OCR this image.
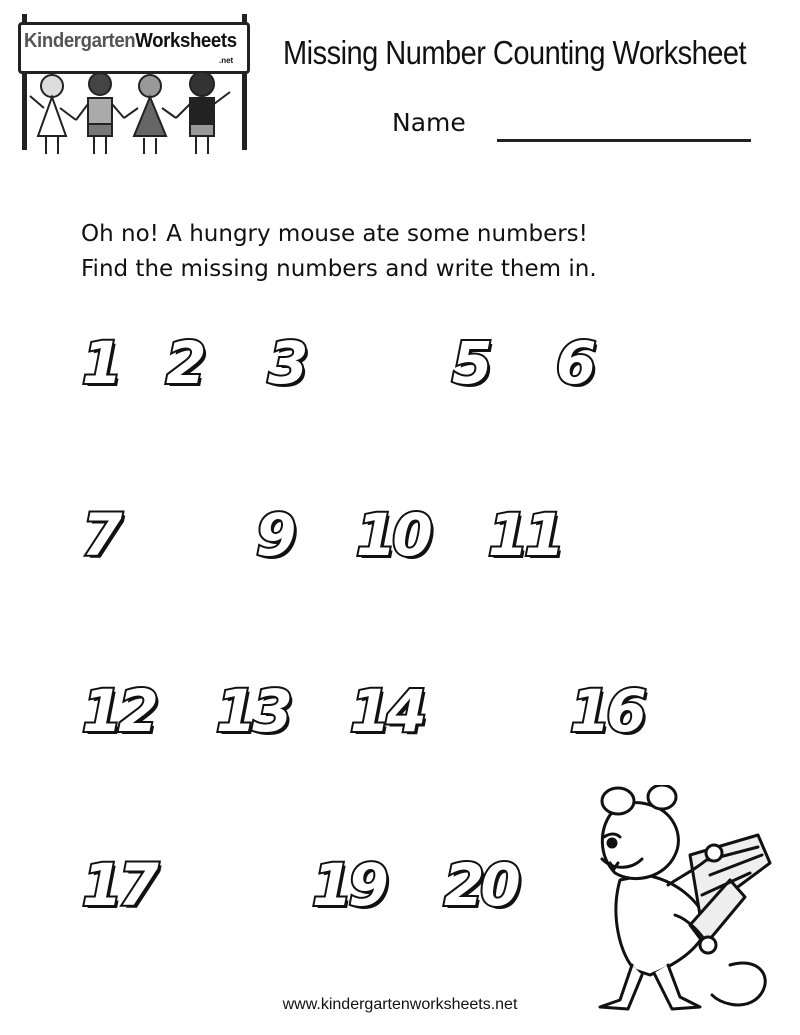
KindergartenWorksheets
.net Missing Number Counting Worksheet
Name
Oh no! A hungry mouse ate some numbers!
Find the missing numbers and write them in.
1 2 3	5 6
7 9 10 11
12 13 14	16
17	19 20
www.kindergartenworksheets.net
